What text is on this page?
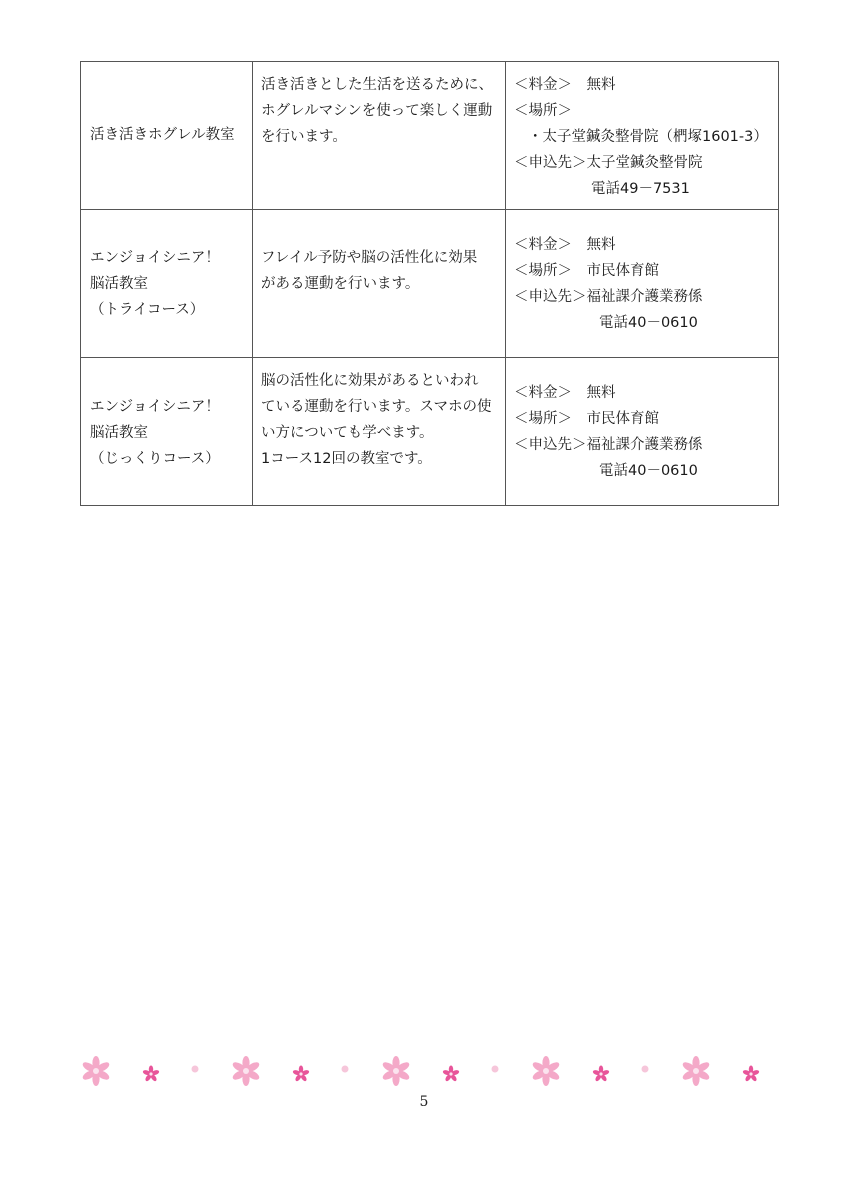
活き活きホグレル教室	活き活きとした生活を送るために、
ホグレルマシンを使って楽しく運動
を行います。	＜料金＞　無料
＜場所＞
・太子堂鍼灸整骨院（椚塚1601-3）
＜申込先＞太子堂鍼灸整骨院
電話49－7531

エンジョイシニア！
脳活教室
（トライコース）	フレイル予防や脳の活性化に効果
がある運動を行います。	＜料金＞　無料
＜場所＞　市民体育館
＜申込先＞福祉課介護業務係
電話40－0610

エンジョイシニア！
脳活教室
（じっくりコース）	脳の活性化に効果があるといわれ
ている運動を行います。スマホの使
い方についても学べます。
1コース12回の教室です。	＜料金＞　無料
＜場所＞　市民体育館
＜申込先＞福祉課介護業務係
電話40－0610
5
